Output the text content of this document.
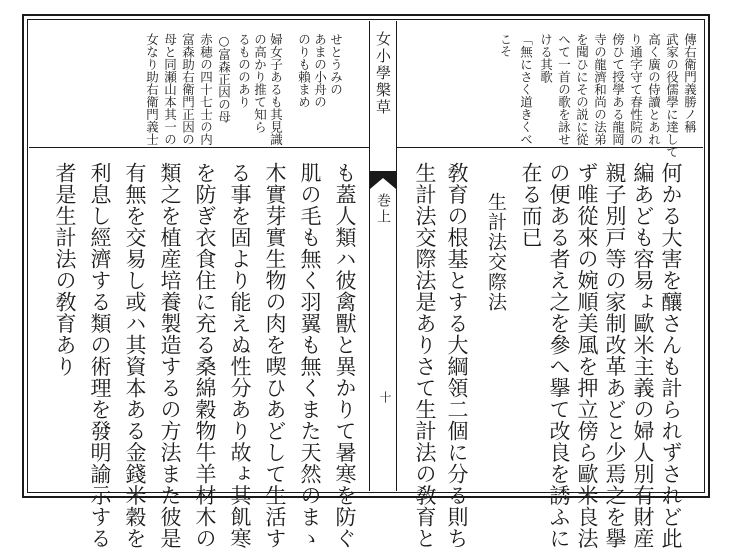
せとうみの
あまの小舟の
のりも賴まめ
婦女子あるも其見識
の高かり推て知ら
るもののあり
○富森正因の母
赤穂の四十七士の内
富森助右衛門正因の
母と同瀬山本其一の
女なり助右衛門義士	傳右衛門義勝ノ稱
武家の役儒學に達して
高く廣の侍讀とあれ
り通字守て春性院の
傍ひて授學ある龍岡
寺の龍濟和尚の法弟
を聞ひにその説に從
へて一首の歌を詠せ
ける其歌
「無にさく道きくべ
こそ
女小學槃草
巻上
十	何かる大害を釀さんも計られずされど此
編あども容易ょ歐米主義の婦人別有財産
親子別戸等の家制改革あどと少焉之を擧
ず唯從來の婉順美風を押立傍ら歐米良法
の便ある者え之を參へ擧て改良を誘ふに
在る而已
生計法交際法
敎育の根基とする大綱領二個に分る則ち
生計法交際法是ありさて生計法の敎育と
も蓋人類ハ彼禽獸と異かりて暑寒を防ぐ
肌の毛も無く羽翼も無くまた天然のまゝ
木實芽實生物の肉を喫ひあどして生活す
る事を固より能えぬ性分あり故ょ其飢寒
を防ぎ衣食住に充る桑綿穀物牛羊材木の
類之を植産培養製造するの方法また彼是
有無を交易し或ハ其資本ある金錢米穀を
利息し經濟する類の術理を發明諭示する
者是生計法の敎育あり
